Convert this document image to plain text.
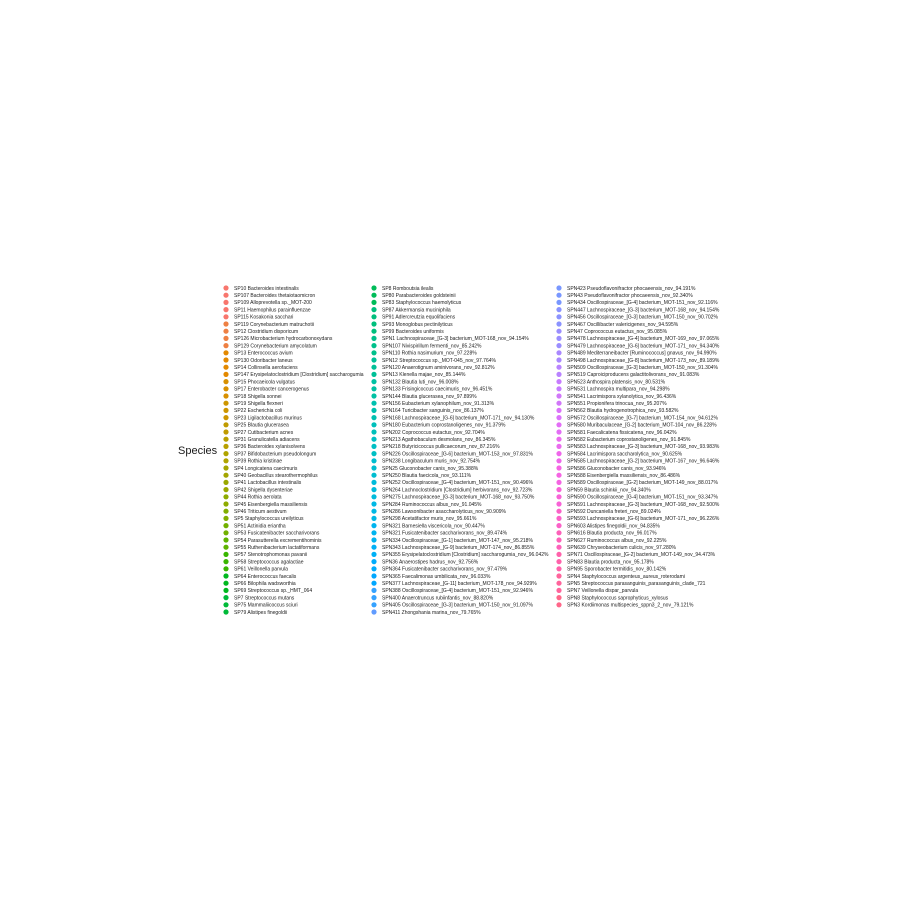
Species
SP10 Bacteroides intestinalis
SP107 Bacteroides thetaiotaomicron
SP109 Alloprevotella sp._MOT-200
SP11 Haemophilus parainfluenzae
SP115 Kosakonia sacchari
SP119 Corynebacterium matruchotii
SP12 Clostridium disporicum
SP126 Microbacterium hydrocarbonoxydans
SP129 Corynebacterium amycolatum
SP13 Enterococcus avium
SP130 Odoribacter laneus
SP14 Collinsella aerofaciens
SP147 Erysipelatoclostridium [Clostridium] saccharogumia
SP15 Phocaeicola vulgatus
SP17 Enterobacter cancerogenus
SP18 Shigella sonnei
SP19 Shigella flexneri
SP22 Escherichia coli
SP23 Ligilactobacillus murinus
SP25 Blautia glucerasea
SP27 Cutibacterium acnes
SP31 Granulicatella adiacens
SP36 Bacteroides xylanisolvens
SP37 Bifidobacterium pseudolongum
SP39 Rothia kristinae
SP4 Longicatena caecimuris
SP40 Geobacillus stearothermophilus
SP41 Lactobacillus intestinalis
SP42 Shigella dysenteriae
SP44 Rothia aerolata
SP45 Eisenbergiella massiliensis
SP46 Triticum aestivum
SP5 Staphylococcus ureilyticus
SP51 Actinidia eriantha
SP53 Fusicatenibacter saccharivorans
SP54 Parasutterella excrementihominis
SP55 Ruthenibacterium lactatiformans
SP57 Stenotrophomonas pavanii
SP58 Streptococcus agalactiae
SP61 Veillonella parvula
SP64 Enterococcus faecalis
SP66 Bilophila wadsworthia
SP69 Streptococcus sp._HMT_064
SP7 Streptococcus mutans
SP75 Mammaliicoccus sciuri
SP79 Alistipes finegoldii
SP8 Romboutsia ilealis
SP80 Parabacteroides goldsteinii
SP83 Staphylococcus haemolyticus
SP87 Akkermansia muciniphila
SP91 Adlercreutzia equolifaciens
SP93 Monoglobus pectinilyticus
SP99 Bacteroides uniformis
SPN1 Lachnospiraceae_[G-3] bacterium_MOT-168_nov_94.154%
SPN107 Nivispirillum fermenti_nov_85.242%
SPN110 Rothia nasimurium_nov_97.228%
SPN12 Streptococcus sp._MOT-045_nov_97.764%
SPN120 Anaerotignum aminivorans_nov_92.812%
SPN13 Klenella majae_nov_85.144%
SPN132 Blautia luti_nov_96.008%
SPN133 Frisingicoccus caecimuris_nov_96.451%
SPN144 Blautia glucerasea_nov_97.899%
SPN156 Eubacterium xylanophilum_nov_91.313%
SPN164 Turicibacter sanguinis_nov_86.137%
SPN168 Lachnospiraceae_[G-6] bacterium_MOT-171_nov_94.130%
SPN180 Eubacterium coprostanoligenes_nov_91.379%
SPN202 Coprococcus eutactus_nov_92.704%
SPN213 Agathobaculum desmolans_nov_86.345%
SPN218 Butyricicoccus pullicaecorum_nov_87.216%
SPN226 Oscillospiraceae_[G-6] bacterium_MOT-153_nov_97.831%
SPN238 Longibaculum muris_nov_92.754%
SPN25 Gluconobacter canis_nov_95.388%
SPN250 Blautia faecicola_nov_93.111%
SPN252 Oscillospiraceae_[G-4] bacterium_MOT-151_nov_90.496%
SPN264 Lachnoclostridium [Clostridium] herbivorans_nov_92.723%
SPN275 Lachnospiraceae_[G-3] bacterium_MOT-168_nov_93.750%
SPN284 Ruminococcus albus_nov_91.045%
SPN286 Lawsonibacter asaccharolyticus_nov_90.909%
SPN298 Acetatifactor muris_nov_95.661%
SPN321 Barnesiella viscericola_nov_90.447%
SPN321 Fusicatenibacter saccharivorans_nov_89.474%
SPN334 Oscillospiraceae_[G-1] bacterium_MOT-147_nov_95.218%
SPN343 Lachnospiraceae_[G-9] bacterium_MOT-174_nov_86.855%
SPN355 Erysipelatoclostridium [Clostridium] saccharogumia_nov_96.042%
SPN36 Anaerostipes hadrus_nov_92.756%
SPN364 Fusicatenibacter saccharivorans_nov_97.479%
SPN365 Faecalimonas umbilicata_nov_96.033%
SPN377 Lachnospiraceae_[G-11] bacterium_MOT-178_nov_94.929%
SPN388 Oscillospiraceae_[G-4] bacterium_MOT-151_nov_92.946%
SPN400 Anaerotruncus rubiinfantis_nov_88.820%
SPN405 Oscillospiraceae_[G-3] bacterium_MOT-150_nov_91.097%
SPN411 Zhongshania marina_nov_79.765%
SPN423 Pseudoflavonifractor phocaeensis_nov_94.191%
SPN43 Pseudoflavonifractor phocaeensis_nov_92.340%
SPN434 Oscillospiraceae_[G-4] bacterium_MOT-151_nov_92.116%
SPN447 Lachnospiraceae_[G-3] bacterium_MOT-168_nov_94.154%
SPN456 Oscillospiraceae_[G-3] bacterium_MOT-150_nov_90.702%
SPN467 Oscillibacter valericigenes_nov_94.595%
SPN47 Coprococcus eutactus_nov_95.085%
SPN478 Lachnospiraceae_[G-4] bacterium_MOT-169_nov_97.065%
SPN479 Lachnospiraceae_[G-6] bacterium_MOT-171_nov_94.340%
SPN489 Mediterraneibacter [Ruminococcus] gnavus_nov_94.990%
SPN498 Lachnospiraceae_[G-8] bacterium_MOT-173_nov_89.189%
SPN509 Oscillospiraceae_[G-3] bacterium_MOT-150_nov_91.304%
SPN519 Caproiciproducens galactitolivorans_nov_91.083%
SPN523 Anthospira platensis_nov_80.531%
SPN531 Lachnospira multipara_nov_94.298%
SPN541 Lacrimispora xylanolytica_nov_96.436%
SPN551 Propionifera trinocua_nov_95.207%
SPN562 Blautia hydrogenotrophica_nov_93.582%
SPN572 Oscillospiraceae_[G-7] bacterium_MOT-154_nov_94.612%
SPN580 Muribaculaceae_[G-2] bacterium_MOT-104_nov_86.228%
SPN581 Faecalicatena fissicatena_nov_96.042%
SPN582 Eubacterium coprostanoligenes_nov_91.845%
SPN583 Lachnospiraceae_[G-3] bacterium_MOT-168_nov_93.983%
SPN584 Lacrimispora saccharolytica_nov_90.625%
SPN585 Lachnospiraceae_[G-2] bacterium_MOT-167_nov_96.646%
SPN586 Gluconobacter canis_nov_93.946%
SPN588 Eisenbergiella massiliensis_nov_86.486%
SPN589 Oscillospiraceae_[G-2] bacterium_MOT-149_nov_88.017%
SPN59 Blautia schinkii_nov_94.340%
SPN590 Oscillospiraceae_[G-4] bacterium_MOT-151_nov_93.347%
SPN591 Lachnospiraceae_[G-3] bacterium_MOT-168_nov_92.500%
SPN592 Duncaniella freteri_nov_89.024%
SPN593 Lachnospiraceae_[G-6] bacterium_MOT-171_nov_96.226%
SPN603 Alistipes finegoldii_nov_94.835%
SPN616 Blautia producta_nov_96.017%
SPN627 Ruminococcus albus_nov_92.225%
SPN639 Chryseobacterium culicis_nov_97.280%
SPN71 Oscillospiraceae_[G-2] bacterium_MOT-149_nov_94.473%
SPN83 Blautia producta_nov_95.178%
SPN95 Sporobacter termitidis_nov_80.142%
SPN4 Staphylococcus argenteus_aureus_roterodami
SPN5 Streptococcus parasanguinis_parasanguinis_clade_721
SPN7 Veillonella dispar_parvula
SPN8 Staphylococcus saprophyticus_xylosus
SPN3 Kordiimonas multispecies_sppn3_2_nov_79.121%
